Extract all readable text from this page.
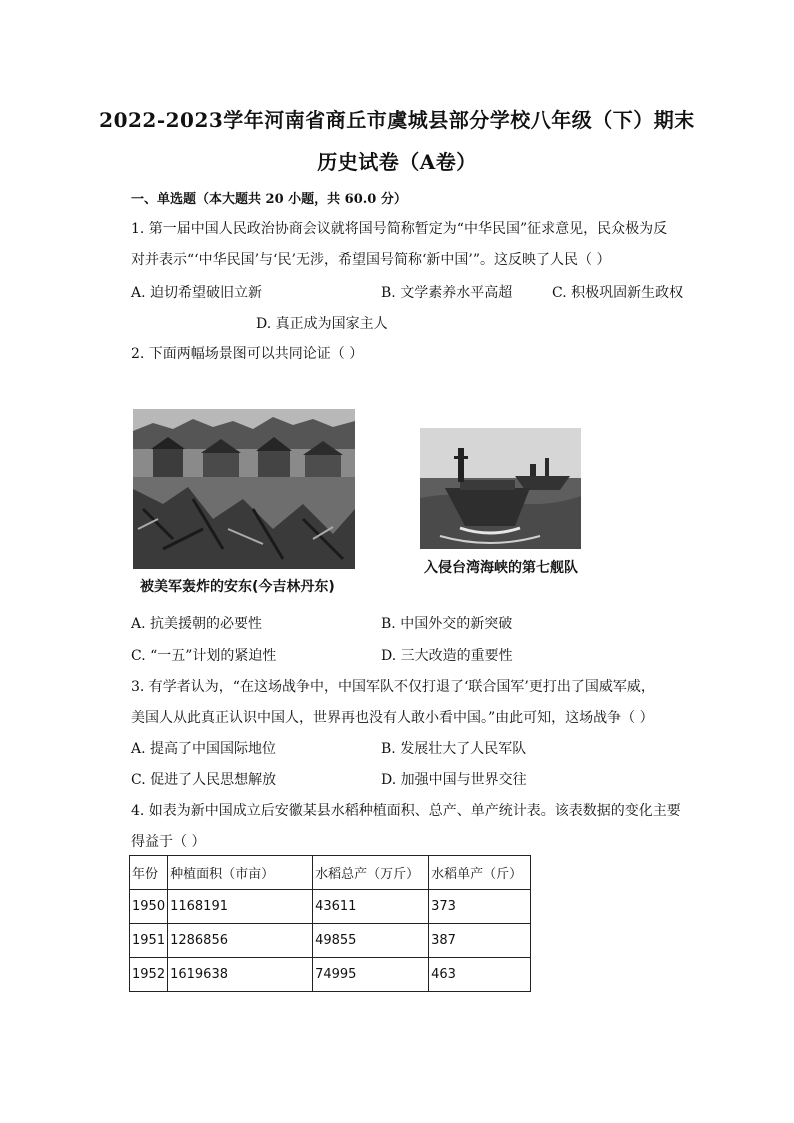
2022-2023学年河南省商丘市虞城县部分学校八年级（下）期末
历史试卷（A卷）
一、单选题（本大题共 20 小题，共 60.0 分）
1. 第一届中国人民政治协商会议就将国号简称暂定为“中华民国”征求意见，民众极为反
对并表示“‘中华民国’与‘民’无涉，希望国号简称‘新中国’”。这反映了人民（ ）
A. 迫切希望破旧立新	B. 文学素养水平高超	C. 积极巩固新生政权
D. 真正成为国家主人
2. 下面两幅场景图可以共同论证（ ）
被美军轰炸的安东(今吉林丹东)
入侵台湾海峡的第七舰队
A. 抗美援朝的必要性	B. 中国外交的新突破
C. “一五”计划的紧迫性	D. 三大改造的重要性
3. 有学者认为，“在这场战争中，中国军队不仅打退了‘联合国军’更打出了国威军威，
美国人从此真正认识中国人，世界再也没有人敢小看中国。”由此可知，这场战争（ ）
A. 提高了中国国际地位	B. 发展壮大了人民军队
C. 促进了人民思想解放	D. 加强中国与世界交往
4. 如表为新中国成立后安徽某县水稻种植面积、总产、单产统计表。该表数据的变化主要
得益于（ ）
年份	种植面积（市亩）	水稻总产（万斤）	水稻单产（斤）
1950	1168191	43611	373
1951	1286856	49855	387
1952	1619638	74995	463
